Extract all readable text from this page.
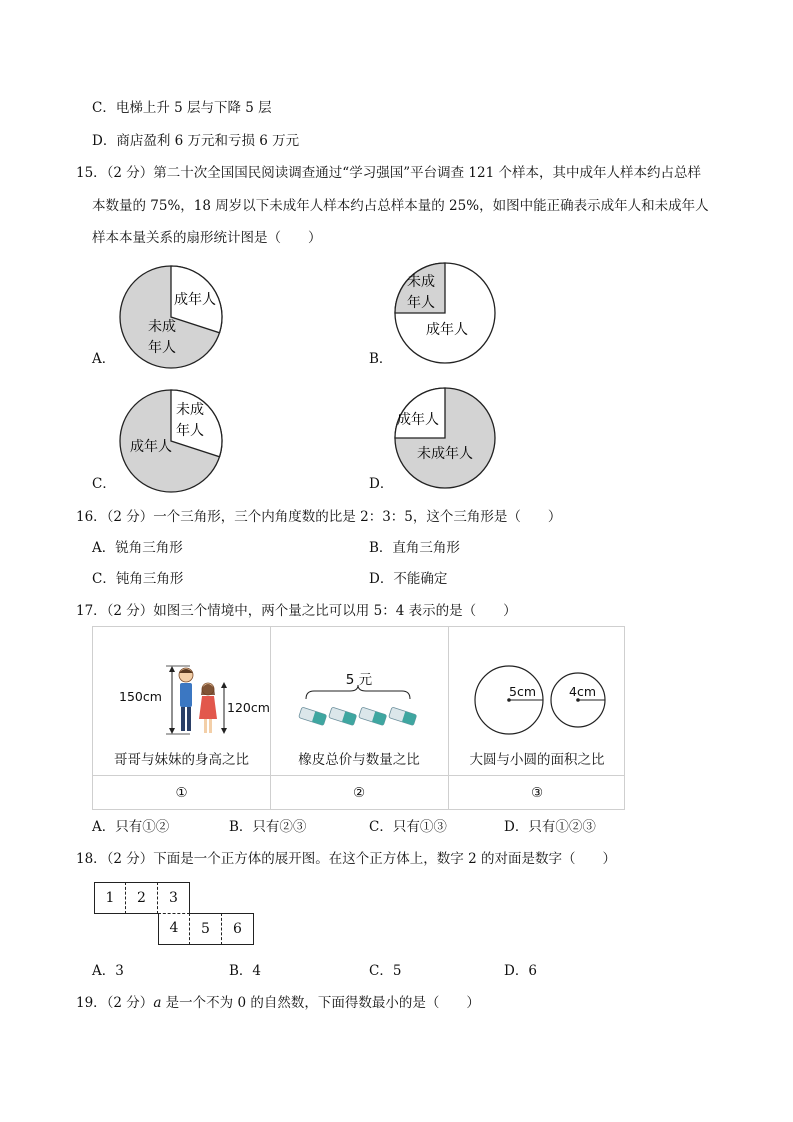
C．电梯上升 5 层与下降 5 层
D．商店盈利 6 万元和亏损 6 万元
15．（2 分）第二十次全国国民阅读调查通过“学习强国”平台调查 121 个样本，其中成年人样本约占总样
本数量的 75%，18 周岁以下未成年人样本约占总样本量的 25%，如图中能正确表示成年人和未成年人
样本本量关系的扇形统计图是（　　）
成年人
未成
年人
A．
未成
年人
成年人
B．
未成
年人
成年人
C．
成年人
未成年人
D．
16．（2 分）一个三角形，三个内角度数的比是 2：3：5，这个三角形是（　　）
A．锐角三角形	B．直角三角形
C．钝角三角形	D．不能确定
17．（2 分）如图三个情境中，两个量之比可以用 5：4 表示的是（　　）
150cm
120cm
哥哥与妹妹的身高之比
①
5 元
橡皮总价与数量之比
②
5cm	4cm
大圆与小圆的面积之比
③
A．只有①②	B．只有②③	C．只有①③	D．只有①②③
18．（2 分）下面是一个正方体的展开图。在这个正方体上，数字 2 的对面是数字（　　）
1	2	3
4	5	6
A．3	B．4	C．5	D．6
19．（2 分）a 是一个不为 0 的自然数，下面得数最小的是（　　）
